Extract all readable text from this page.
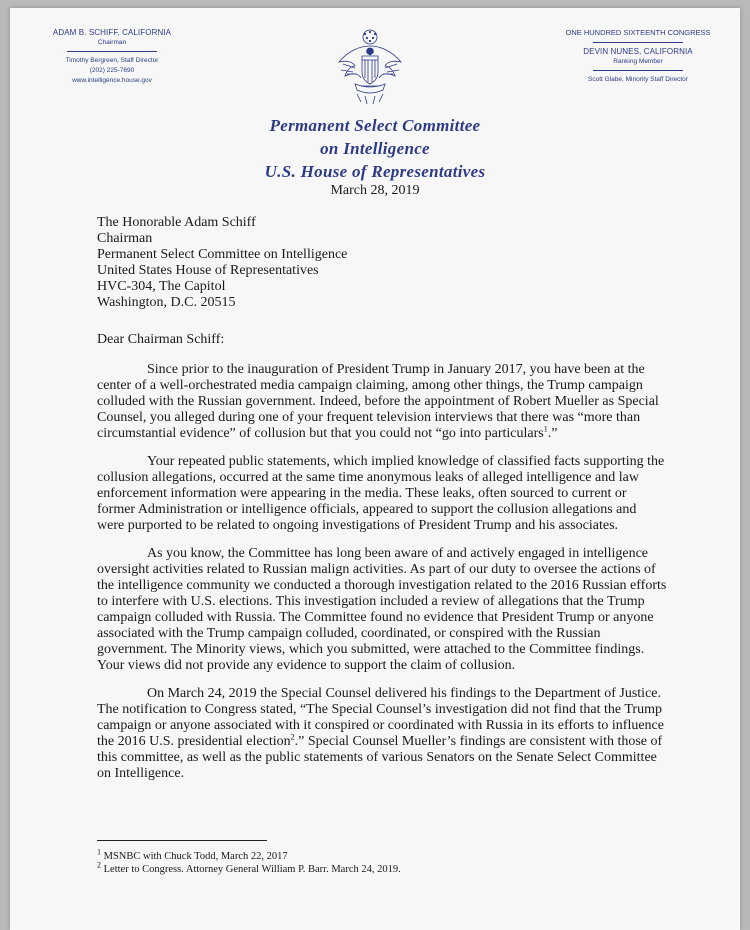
ADAM B. SCHIFF, CALIFORNIA
Chairman
Timothy Bergreen, Staff Director
(202) 225-7690
www.intelligence.house.gov
ONE HUNDRED SIXTEENTH CONGRESS
DEVIN NUNES, CALIFORNIA
Ranking Member
Scott Glabe, Minority Staff Director
Permanent Select Committee
on Intelligence
U.S. House of Representatives
March 28, 2019
The Honorable Adam Schiff
Chairman
Permanent Select Committee on Intelligence
United States House of Representatives
HVC-304, The Capitol
Washington, D.C. 20515
Dear Chairman Schiff:

Since prior to the inauguration of President Trump in January 2017, you have been at the center of a well-orchestrated media campaign claiming, among other things, the Trump campaign colluded with the Russian government. Indeed, before the appointment of Robert Mueller as Special Counsel, you alleged during one of your frequent television interviews that there was “more than circumstantial evidence” of collusion but that you could not “go into particulars$^1$.”

Your repeated public statements, which implied knowledge of classified facts supporting the collusion allegations, occurred at the same time anonymous leaks of alleged intelligence and law enforcement information were appearing in the media. These leaks, often sourced to current or former Administration or intelligence officials, appeared to support the collusion allegations and were purported to be related to ongoing investigations of President Trump and his associates.

As you know, the Committee has long been aware of and actively engaged in intelligence oversight activities related to Russian malign activities. As part of our duty to oversee the actions of the intelligence community we conducted a thorough investigation related to the 2016 Russian efforts to interfere with U.S. elections. This investigation included a review of allegations that the Trump campaign colluded with Russia. The Committee found no evidence that President Trump or anyone associated with the Trump campaign colluded, coordinated, or conspired with the Russian government. The Minority views, which you submitted, were attached to the Committee findings. Your views did not provide any evidence to support the claim of collusion.

On March 24, 2019 the Special Counsel delivered his findings to the Department of Justice. The notification to Congress stated, “The Special Counsel’s investigation did not find that the Trump campaign or anyone associated with it conspired or coordinated with Russia in its efforts to influence the 2016 U.S. presidential election$^2$.” Special Counsel Mueller’s findings are consistent with those of this committee, as well as the public statements of various Senators on the Senate Select Committee on Intelligence.

$^1$ MSNBC with Chuck Todd, March 22, 2017
$^2$ Letter to Congress. Attorney General William P. Barr. March 24, 2019.
